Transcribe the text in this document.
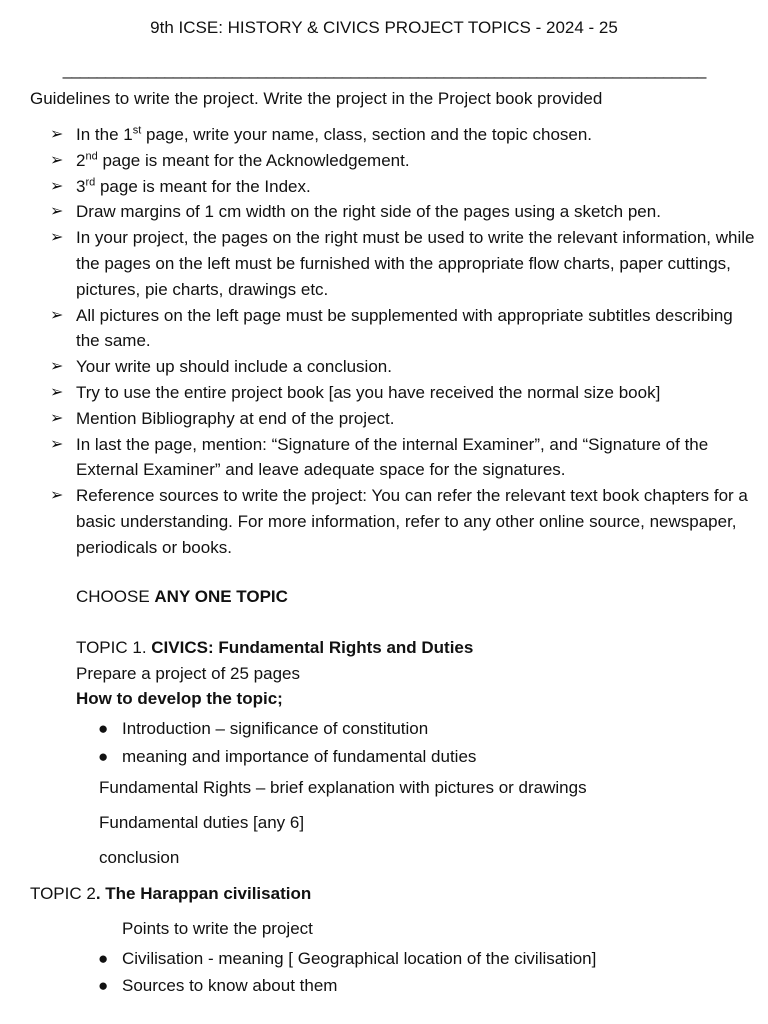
9th ICSE: HISTORY & CIVICS PROJECT TOPICS - 2024 - 25
____________________________________________________________________________
Guidelines to write the project. Write the project in the Project book provided
➢ In the 1st page, write your name, class, section and the topic chosen.
➢ 2nd page is meant for the Acknowledgement.
➢ 3rd page is meant for the Index.
➢ Draw margins of 1 cm width on the right side of the pages using a sketch pen.
➢ In your project, the pages on the right must be used to write the relevant information, while the pages on the left must be furnished with the appropriate flow charts, paper cuttings, pictures, pie charts, drawings etc.
➢ All pictures on the left page must be supplemented with appropriate subtitles describing the same.
➢ Your write up should include a conclusion.
➢ Try to use the entire project book [as you have received the normal size book]
➢ Mention Bibliography at end of the project.
➢ In last the page, mention: “Signature of the internal Examiner”, and “Signature of the External Examiner” and leave adequate space for the signatures.
➢ Reference sources to write the project: You can refer the relevant text book chapters for a basic understanding. For more information, refer to any other online source, newspaper, periodicals or books.
CHOOSE ANY ONE TOPIC
TOPIC 1. CIVICS: Fundamental Rights and Duties
Prepare a project of 25 pages
How to develop the topic;
● Introduction – significance of constitution
● meaning and importance of fundamental duties
Fundamental Rights – brief explanation with pictures or drawings
Fundamental duties [any 6]
conclusion
TOPIC 2. The Harappan civilisation
Points to write the project
● Civilisation - meaning [ Geographical location of the civilisation]
● Sources to know about them
